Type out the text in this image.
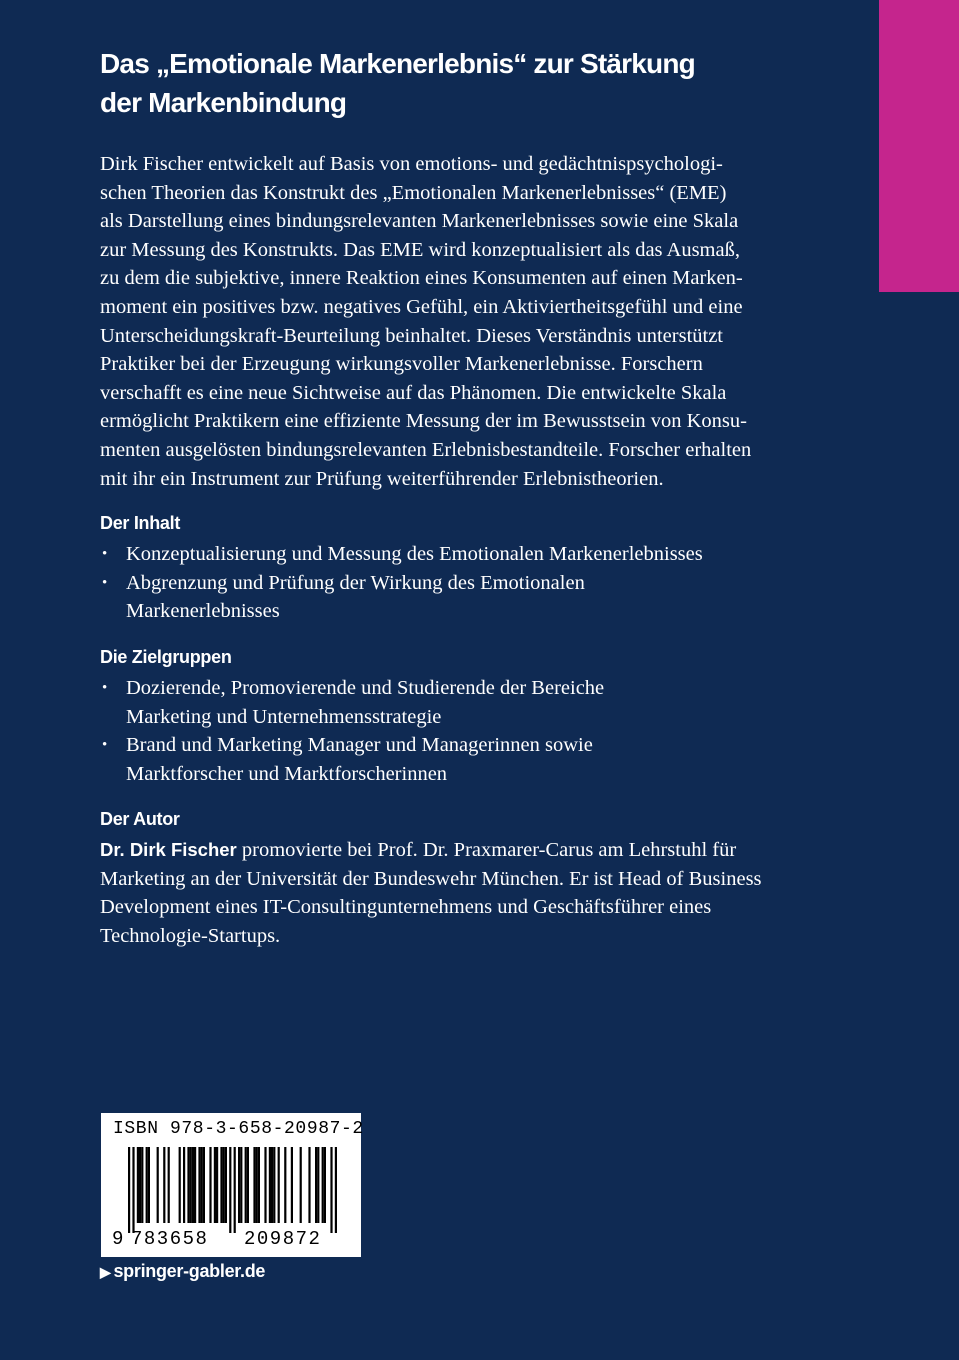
Das „Emotionale Markenerlebnis“ zur Stärkung
der Markenbindung

Dirk Fischer entwickelt auf Basis von emotions- und gedächtnispsychologi-
schen Theorien das Konstrukt des „Emotionalen Markenerlebnisses“ (EME)
als Darstellung eines bindungsrelevanten Markenerlebnisses sowie eine Skala
zur Messung des Konstrukts. Das EME wird konzeptualisiert als das Ausmaß,
zu dem die subjektive, innere Reaktion eines Konsumenten auf einen Marken-
moment ein positives bzw. negatives Gefühl, ein Aktiviertheitsgefühl und eine
Unterscheidungskraft-Beurteilung beinhaltet. Dieses Verständnis unterstützt
Praktiker bei der Erzeugung wirkungsvoller Markenerlebnisse. Forschern
verschafft es eine neue Sichtweise auf das Phänomen. Die entwickelte Skala
ermöglicht Praktikern eine effiziente Messung der im Bewusstsein von Konsu-
menten ausgelösten bindungsrelevanten Erlebnisbestandteile. Forscher erhalten
mit ihr ein Instrument zur Prüfung weiterführender Erlebnistheorien.

Der Inhalt
• Konzeptualisierung und Messung des Emotionalen Markenerlebnisses
• Abgrenzung und Prüfung der Wirkung des Emotionalen
Markenerlebnisses
Die Zielgruppen
• Dozierende, Promovierende und Studierende der Bereiche
Marketing und Unternehmensstrategie
• Brand und Marketing Manager und Managerinnen sowie
Marktforscher und Marktforscherinnen
Der Autor

Dr. Dirk Fischer promovierte bei Prof. Dr. Praxmarer-Carus am Lehrstuhl für
Marketing an der Universität der Bundeswehr München. Er ist Head of Business
Development eines IT-Consultingunternehmens und Geschäftsführer eines
Technologie-Startups.

ISBN 978-3-658-20987-2
9 783658 209872
▶ springer-gabler.de
